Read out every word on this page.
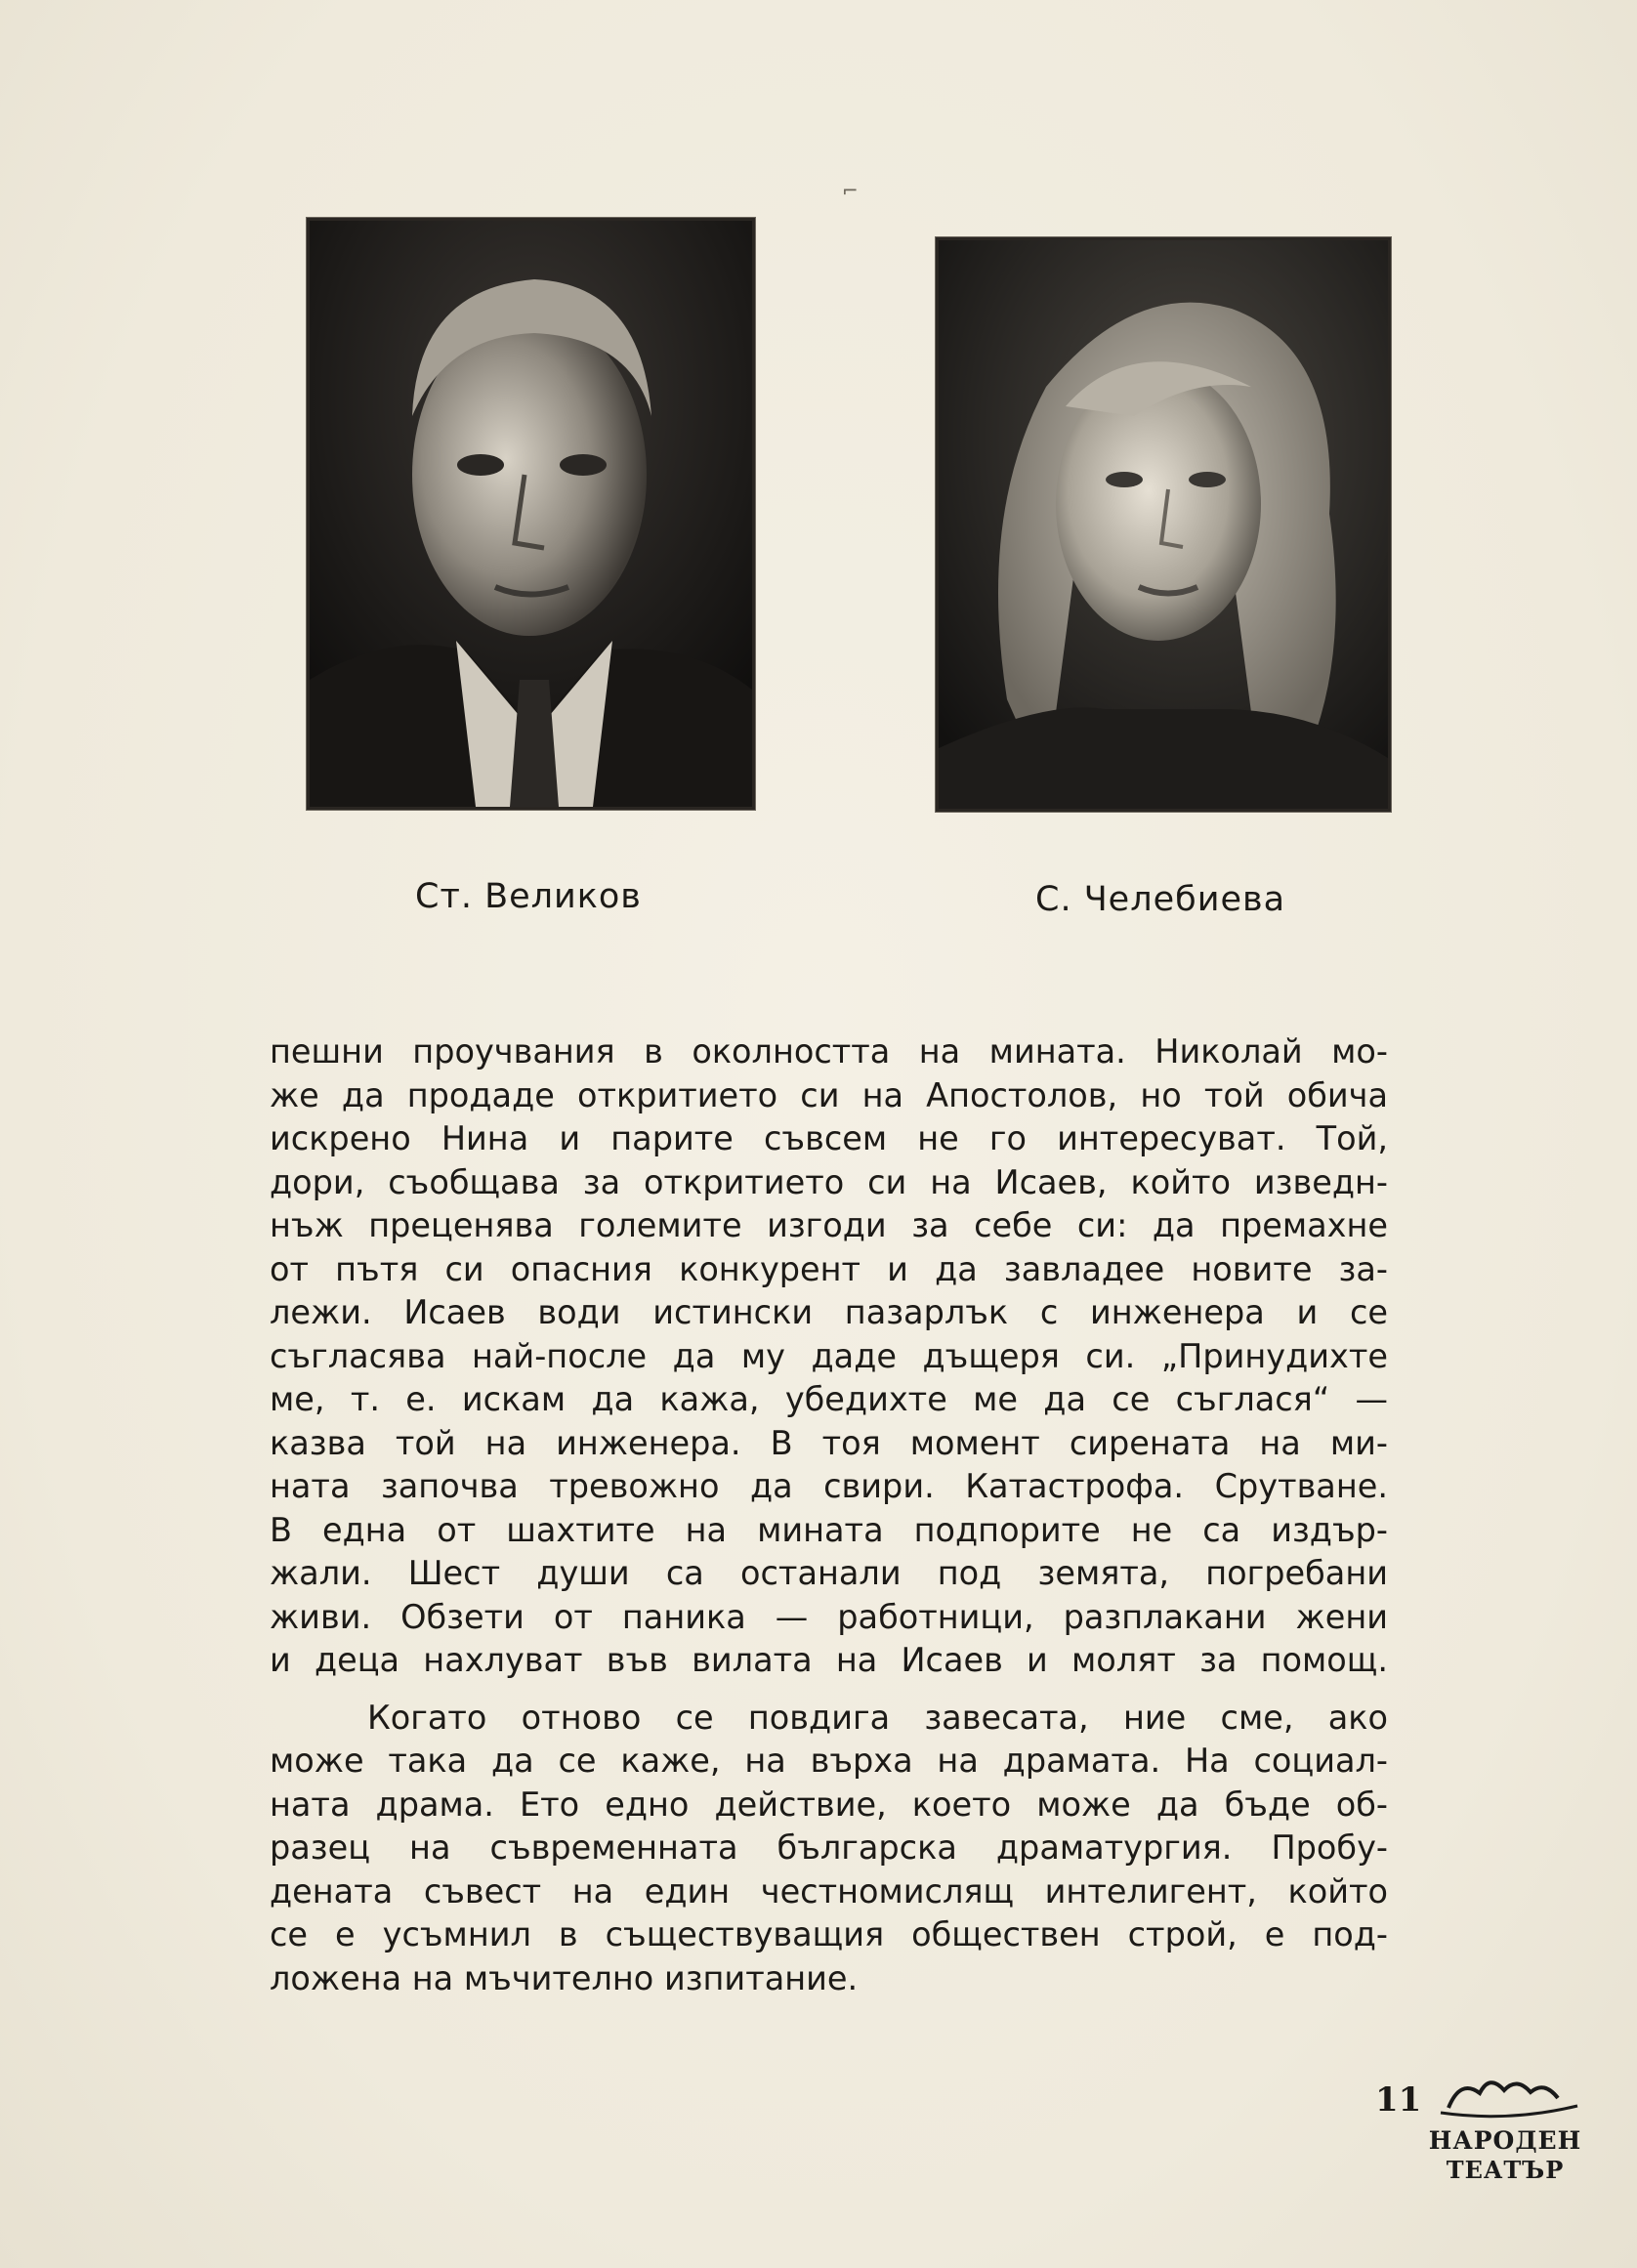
Ст. Великов	С. Челебиева
пешни проучвания в околността на мината. Николай мо-
же да продаде откритието си на Апостолов, но той обича
искрено Нина и парите съвсем не го интересуват. Той,
дори, съобщава за откритието си на Исаев, който изведн-
нъж преценява големите изгоди за себе си: да премахне
от пътя си опасния конкурент и да завладее новите за-
лежи. Исаев води истински пазарлък с инженера и се
съгласява най-после да му даде дъщеря си. „Принудихте
ме, т. е. искам да кажа, убедихте ме да се съглася“ —
казва той на инженера. В тоя момент сирената на ми-
ната започва тревожно да свири. Катастрофа. Срутване.
В една от шахтите на мината подпорите не са издър-
жали. Шест души са останали под земята, погребани
живи. Обзети от паника — работници, разплакани жени
и деца нахлуват във вилата на Исаев и молят за помощ.
Когато отново се повдига завесата, ние сме, ако
може така да се каже, на върха на драмата. На социал-
ната драма. Ето едно действие, което може да бъде об-
разец на съвременната българска драматургия. Пробу-
дената съвест на един честномислящ интелигент, който
се е усъмнил в съществуващия обществен строй, е под-
ложена на мъчително изпитание.
11
НАРОДЕН
ТЕАТЪР
⌐
